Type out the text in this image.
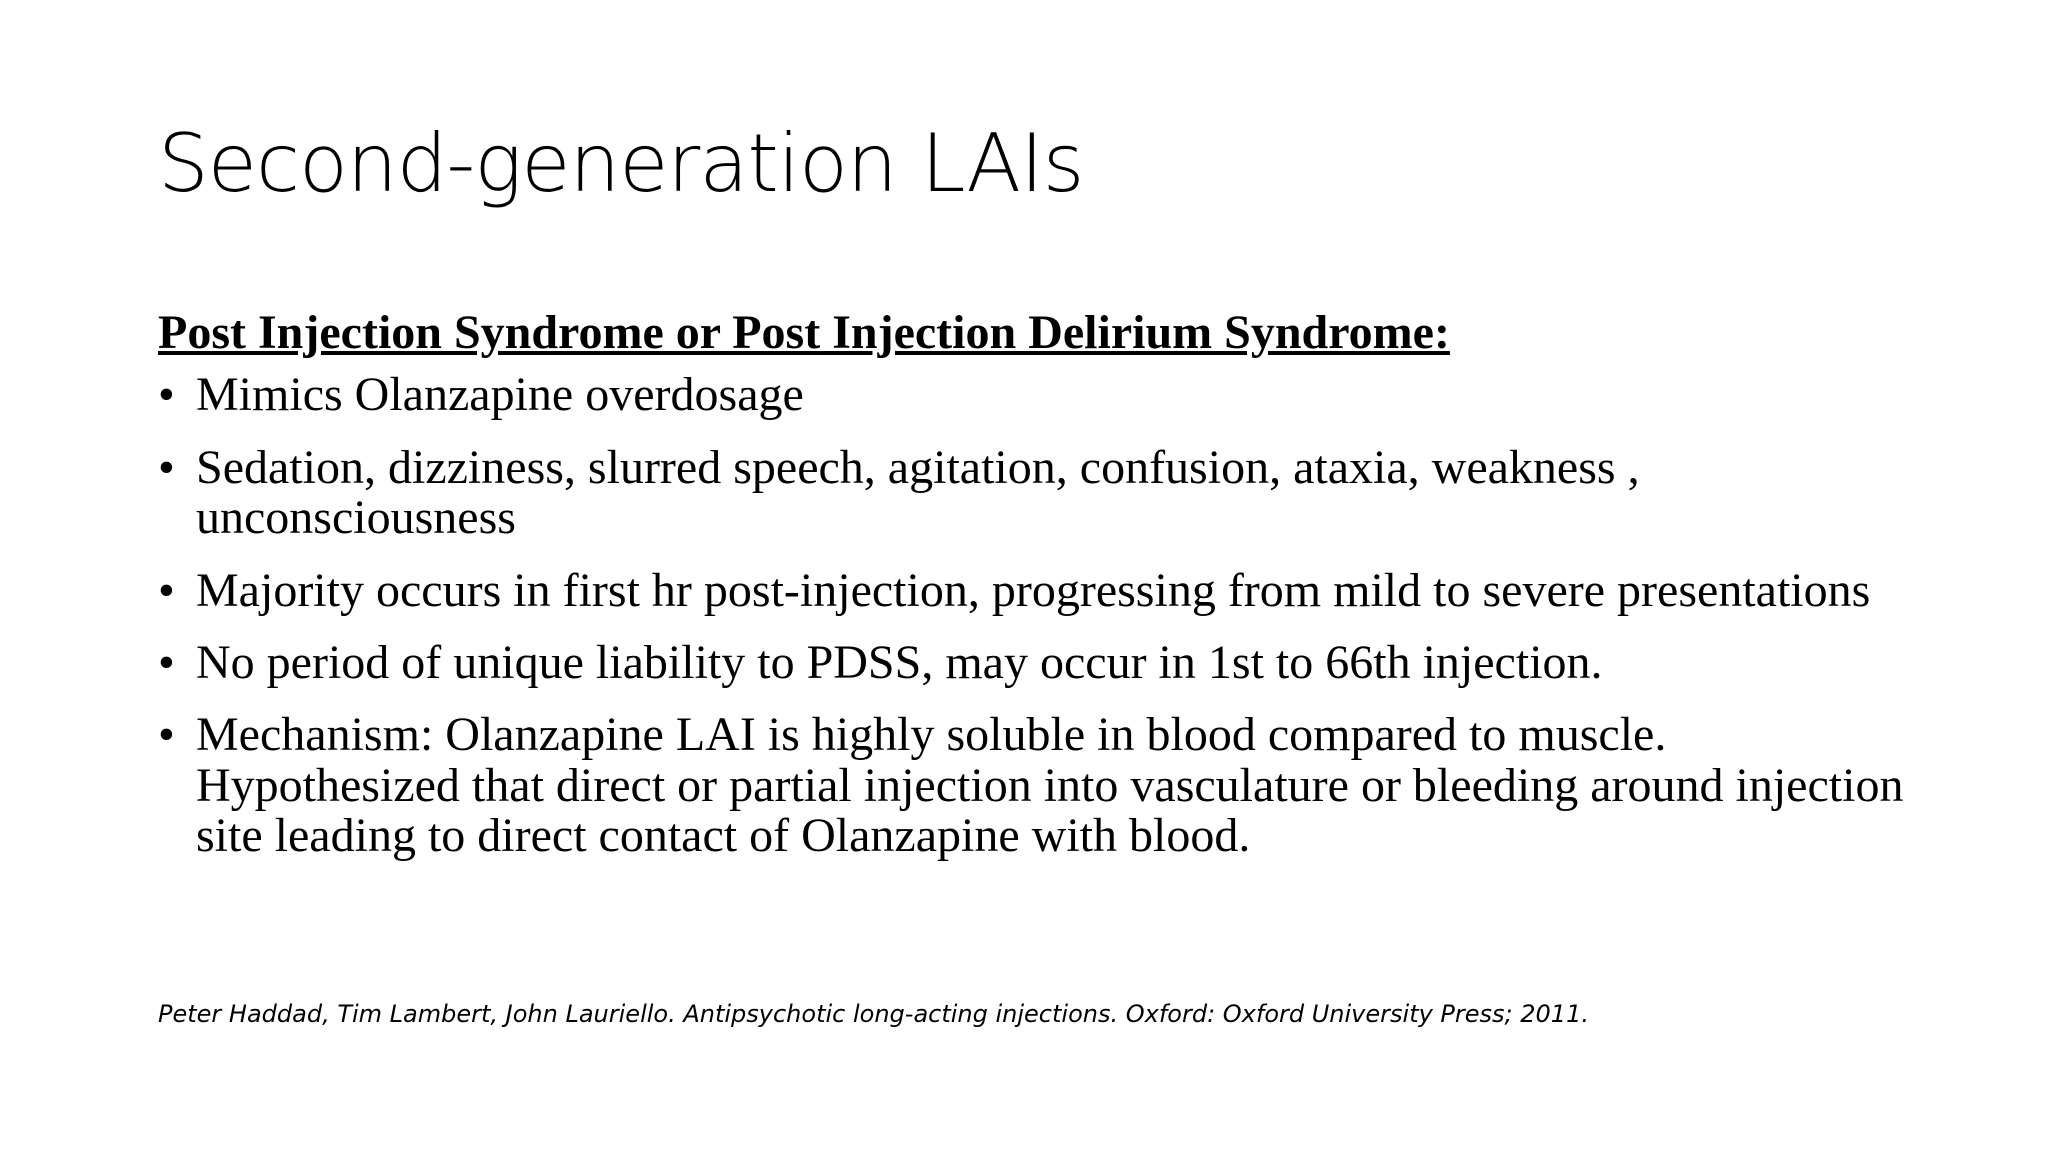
Second-generation LAIs
Post Injection Syndrome or Post Injection Delirium Syndrome:
• Mimics Olanzapine overdosage
• Sedation, dizziness, slurred speech, agitation, confusion, ataxia, weakness , unconsciousness
• Majority occurs in first hr post-injection, progressing from mild to severe presentations
• No period of unique liability to PDSS, may occur in 1st to 66th injection.
• Mechanism: Olanzapine LAI is highly soluble in blood compared to muscle. Hypothesized that direct or partial injection into vasculature or bleeding around injection site leading to direct contact of Olanzapine with blood.
Peter Haddad, Tim Lambert, John Lauriello. Antipsychotic long-acting injections. Oxford: Oxford University Press; 2011.
